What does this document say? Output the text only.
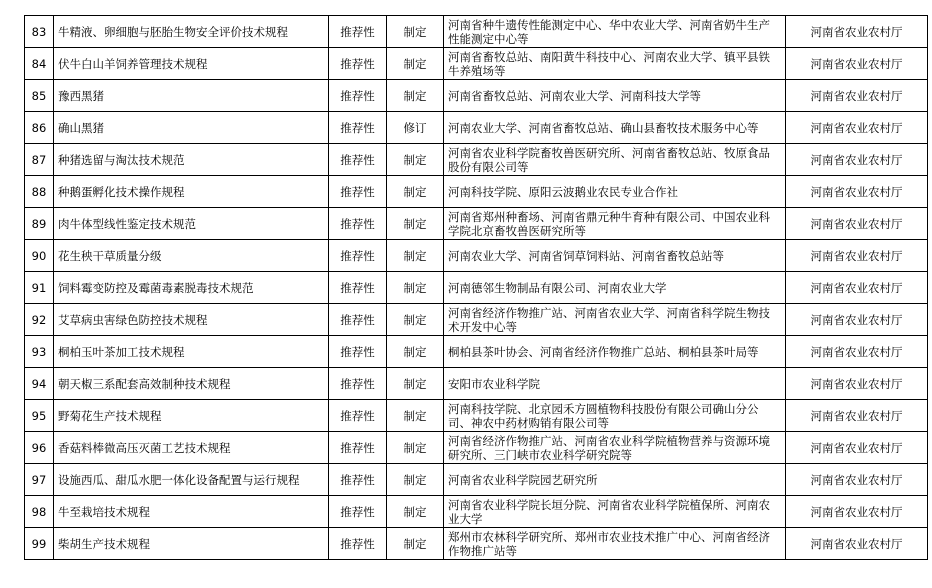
83	牛精液、卵细胞与胚胎生物安全评价技术规程	推荐性	制定	河南省种牛遗传性能测定中心、华中农业大学、河南省奶牛生产性能测定中心等	河南省农业农村厅
84	伏牛白山羊饲养管理技术规程	推荐性	制定	河南省畜牧总站、南阳黄牛科技中心、河南农业大学、镇平县铁牛养殖场等	河南省农业农村厅
85	豫西黑猪	推荐性	制定	河南省畜牧总站、河南农业大学、河南科技大学等	河南省农业农村厅
86	确山黑猪	推荐性	修订	河南农业大学、河南省畜牧总站、确山县畜牧技术服务中心等	河南省农业农村厅
87	种猪选留与淘汰技术规范	推荐性	制定	河南省农业科学院畜牧兽医研究所、河南省畜牧总站、牧原食品股份有限公司等	河南省农业农村厅
88	种鹅蛋孵化技术操作规程	推荐性	制定	河南科技学院、原阳云波鹅业农民专业合作社	河南省农业农村厅
89	肉牛体型线性鉴定技术规范	推荐性	制定	河南省郑州种畜场、河南省鼎元种牛育种有限公司、中国农业科学院北京畜牧兽医研究所等	河南省农业农村厅
90	花生秧干草质量分级	推荐性	制定	河南农业大学、河南省饲草饲料站、河南省畜牧总站等	河南省农业农村厅
91	饲料霉变防控及霉菌毒素脱毒技术规范	推荐性	制定	河南德邻生物制品有限公司、河南农业大学	河南省农业农村厅
92	艾草病虫害绿色防控技术规程	推荐性	制定	河南省经济作物推广站、河南省农业大学、河南省科学院生物技术开发中心等	河南省农业农村厅
93	桐柏玉叶茶加工技术规程	推荐性	制定	桐柏县茶叶协会、河南省经济作物推广总站、桐柏县茶叶局等	河南省农业农村厅
94	朝天椒三系配套高效制种技术规程	推荐性	制定	安阳市农业科学院	河南省农业农村厅
95	野菊花生产技术规程	推荐性	制定	河南科技学院、北京园禾方圆植物科技股份有限公司确山分公司、神农中药材购销有限公司等	河南省农业农村厅
96	香菇料棒微高压灭菌工艺技术规程	推荐性	制定	河南省经济作物推广站、河南省农业科学院植物营养与资源环境研究所、三门峡市农业科学研究院等	河南省农业农村厅
97	设施西瓜、甜瓜水肥一体化设备配置与运行规程	推荐性	制定	河南省农业科学院园艺研究所	河南省农业农村厅
98	牛至栽培技术规程	推荐性	制定	河南省农业科学院长垣分院、河南省农业科学院植保所、河南农业大学	河南省农业农村厅
99	柴胡生产技术规程	推荐性	制定	郑州市农林科学研究所、郑州市农业技术推广中心、河南省经济作物推广站等	河南省农业农村厅
